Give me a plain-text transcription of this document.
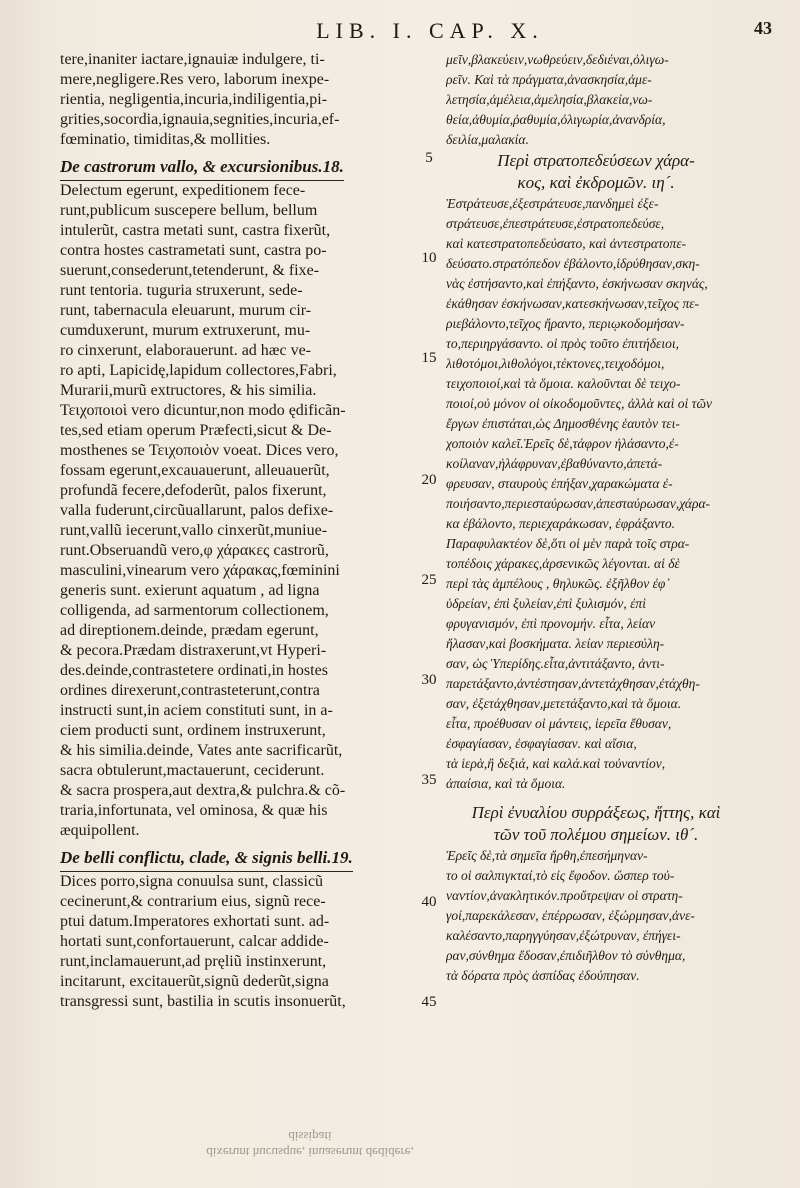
LIB. I. CAP. X.	43
tere,inaniter iactare,ignauiæ indulgere, ti-
mere,negligere.Res vero, laborum inexpe-
rientia, negligentia,incuria,indiligentia,pi-
grities,socordia,ignauia,segnities,incuria,ef-
fœminatio, timiditas,& mollities.
De castrorum vallo, & excursionibus.18.
Delectum egerunt, expeditionem fece-
runt,publicum susceperе bellum, bellum
intulerũt, castra metati sunt, castra fixerũt,
contra hostes castrametati sunt, castra po-
suerunt,consederunt,tetenderunt, & fixe-
runt tentoria. tuguria struxerunt, sede-
runt, tabernacula eleuarunt, murum cir-
cumduxerunt, murum extruxerunt, mu-
ro cinxerunt, elaborauerunt. ad hæc ve-
ro apti, Lapicidę,lapidum collectores,Fabri,
Murarii,murũ extructores, & his similia.
Τειχοποιοὶ vero dicuntur,non modo ędificãn-
tes,sed etiam operum Præfecti,sicut & De-
mosthenes se Τειχοποιὸν voeat. Dices vero,
fossam egerunt,excauauerunt, alleuauerũt,
profundã fecere,defoderũt, palos fixerunt,
valla fuderunt,circũuallarunt, palos defixe-
runt,vallũ iecerunt,vallo cinxerũt,muniue-
runt.Obseruandũ vero,φ χάρακες castrorũ,
masculini,vinearum vero χάρακας,fœminini
generis sunt. exierunt aquatum , ad ligna
colligenda, ad sarmentorum collectionem,
ad direptionem.deinde, prædam egerunt,
& pecora.Prædam distraxerunt,vt Hyperi-
des.deinde,contrastetere ordinati,in hostes
ordines direxerunt,contrasteterunt,contra
instructi sunt,in aciem constituti sunt, in a-
ciem producti sunt, ordinem instruxerunt,
& his similia.deinde, Vates ante sacrificarũt,
sacra obtulerunt,mactauerunt, ceciderunt.
& sacra prospera,aut dextra,& pulchra.& cõ-
traria,infortunata, vel ominosa, & quæ his
æquipollent.
De belli conflictu, clade, & signis belli.19.
Dices porro,signa conuulsa sunt, classicũ
cecinerunt,& contrarium eius, signũ rece-
ptui datum.Imperatores exhortati sunt. ad-
hortati sunt,confortauerunt, calcar addide-
runt,inclamauerunt,ad pręliũ instinxerunt,
incitarunt, excitauerũt,signũ dederũt,signa
transgressi sunt, bastilia in scutis insonuerũt,
5
10
15
20
25
30
35
40
45
μεῖν,βλακεύειν,νωθρεύειν,δεδιέναι,ὀλιγω-
ρεῖν. Καὶ τὰ πράγματα,ἀνασκησία,ἀμε-
λετησία,ἀμέλεια,ἀμελησία,βλακεία,νω-
θεία,ἀθυμία,ῥαθυμία,ὀλιγωρία,ἀνανδρία,
δειλία,μαλακία.
Περὶ στρατοπεδεύσεων χάρα-
κος, καὶ ἐκδρομῶν. ιη´.
Ἐστράτευσε,ἐξεστράτευσε,πανδημεὶ ἐξε-
στράτευσε,ἐπεστράτευσε,ἐστρατοπεδεύσε,
καὶ κατεστρατοπεδεύσατο, καὶ ἀντεστρατοπε-
δεύσατο.στρατόπεδον ἐβάλοντο,ἱδρύθησαν,σκη-
νὰς ἐστήσαντο,καὶ ἐπήξαντο, ἐσκήνωσαν σκηνάς,
ἐκάθησαν ἐσκήνωσαν,κατεσκήνωσαν,τεῖχος πε-
ριεβάλοντο,τεῖχος ἤραντο, περιῳκοδομήσαν-
το,περιηργάσαντο. οἱ πρὸς τοῦτο ἐπιτήδειοι,
λιθοτόμοι,λιθολόγοι,τέκτονες,τειχοδόμοι,
τειχοποιοί,καὶ τὰ ὅμοια. καλοῦνται δὲ τειχο-
ποιοί,οὐ μόνον οἱ οἰκοδομοῦντες, ἀλλὰ καὶ οἱ τῶν
ἔργων ἐπιστάται,ὡς Δημοσθένης ἑαυτὸν τει-
χοποιὸν καλεῖ.Ἐρεῖς δὲ,τάφρον ἠλάσαντο,ἐ-
κοίλαναν,ἠλάφρυναν,ἐβαθύναντο,ἀπετά-
φρευσαν, σταυροὺς ἐπήξαν,χαρακώματα ἐ-
ποιήσαντο,περιεσταύρωσαν,ἀπεσταύρωσαν,χάρα-
κα ἐβάλοντο, περιεχαράκωσαν, ἐφράξαντο.
Παραφυλακτέον δὲ,ὅτι οἱ μὲν παρὰ τοῖς στρα-
τοπέδοις χάρακες,ἀρσενικῶς λέγονται. αἱ δὲ
περὶ τὰς ἀμπέλους , θηλυκῶς. ἐξῆλθον ἐφ᾽
ὑδρείαν, ἐπὶ ξυλείαν,ἐπὶ ξυλισμόν, ἐπὶ
φρυγανισμόν, ἐπὶ προνομήν. εἶτα, λείαν
ἤλασαν,καὶ βοσκήματα. λείαν περιεσύλη-
σαν, ὡς Ὑπερίδης.εἶτα,ἀντιτάξαντο, ἀντι-
παρετάξαντο,ἀντέστησαν,ἀντετάχθησαν,ἐτάχθη-
σαν, ἐξετάχθησαν,μετετάξαντο,καὶ τὰ ὅμοια.
εἶτα, προέθυσαν οἱ μάντεις, ἱερεῖα ἔθυσαν,
ἐσφαγίασαν, ἐσφαγίασαν. καὶ αἴσια,
τὰ ἱερὰ,ἢ δεξιά, καὶ καλά.καὶ τοὐναντίον,
ἀπαίσια, καὶ τὰ ὅμοια.
Περὶ ἐνυαλίου συρράξεως, ἥττης, καὶ
τῶν τοῦ πολέμου σημείων. ιθ´.
Ἐρεῖς δὲ,τὰ σημεῖα ἤρθη,ἐπεσήμηναν-
το οἱ σαλπιγκταί,τὸ εἰς ἔφοδον. ὥσπερ τοὐ-
ναντίον,ἀνακλητικόν.προὔτρεψαν οἱ στρατη-
γοί,παρεκάλεσαν, ἐπέρρωσαν, ἐξώρμησαν,ἀνε-
καλέσαντο,παρηγγύησαν,ἐξώτρυναν, ἐπήγει-
ραν,σύνθημα ἔδοσαν,ἐπιδιῆλθον τὸ σύνθημα,
τὰ δόρατα πρὸς ἀσπίδας ἐδούπησαν.
dixerunt hucusque, inuaserunt dedidere, dissipati
